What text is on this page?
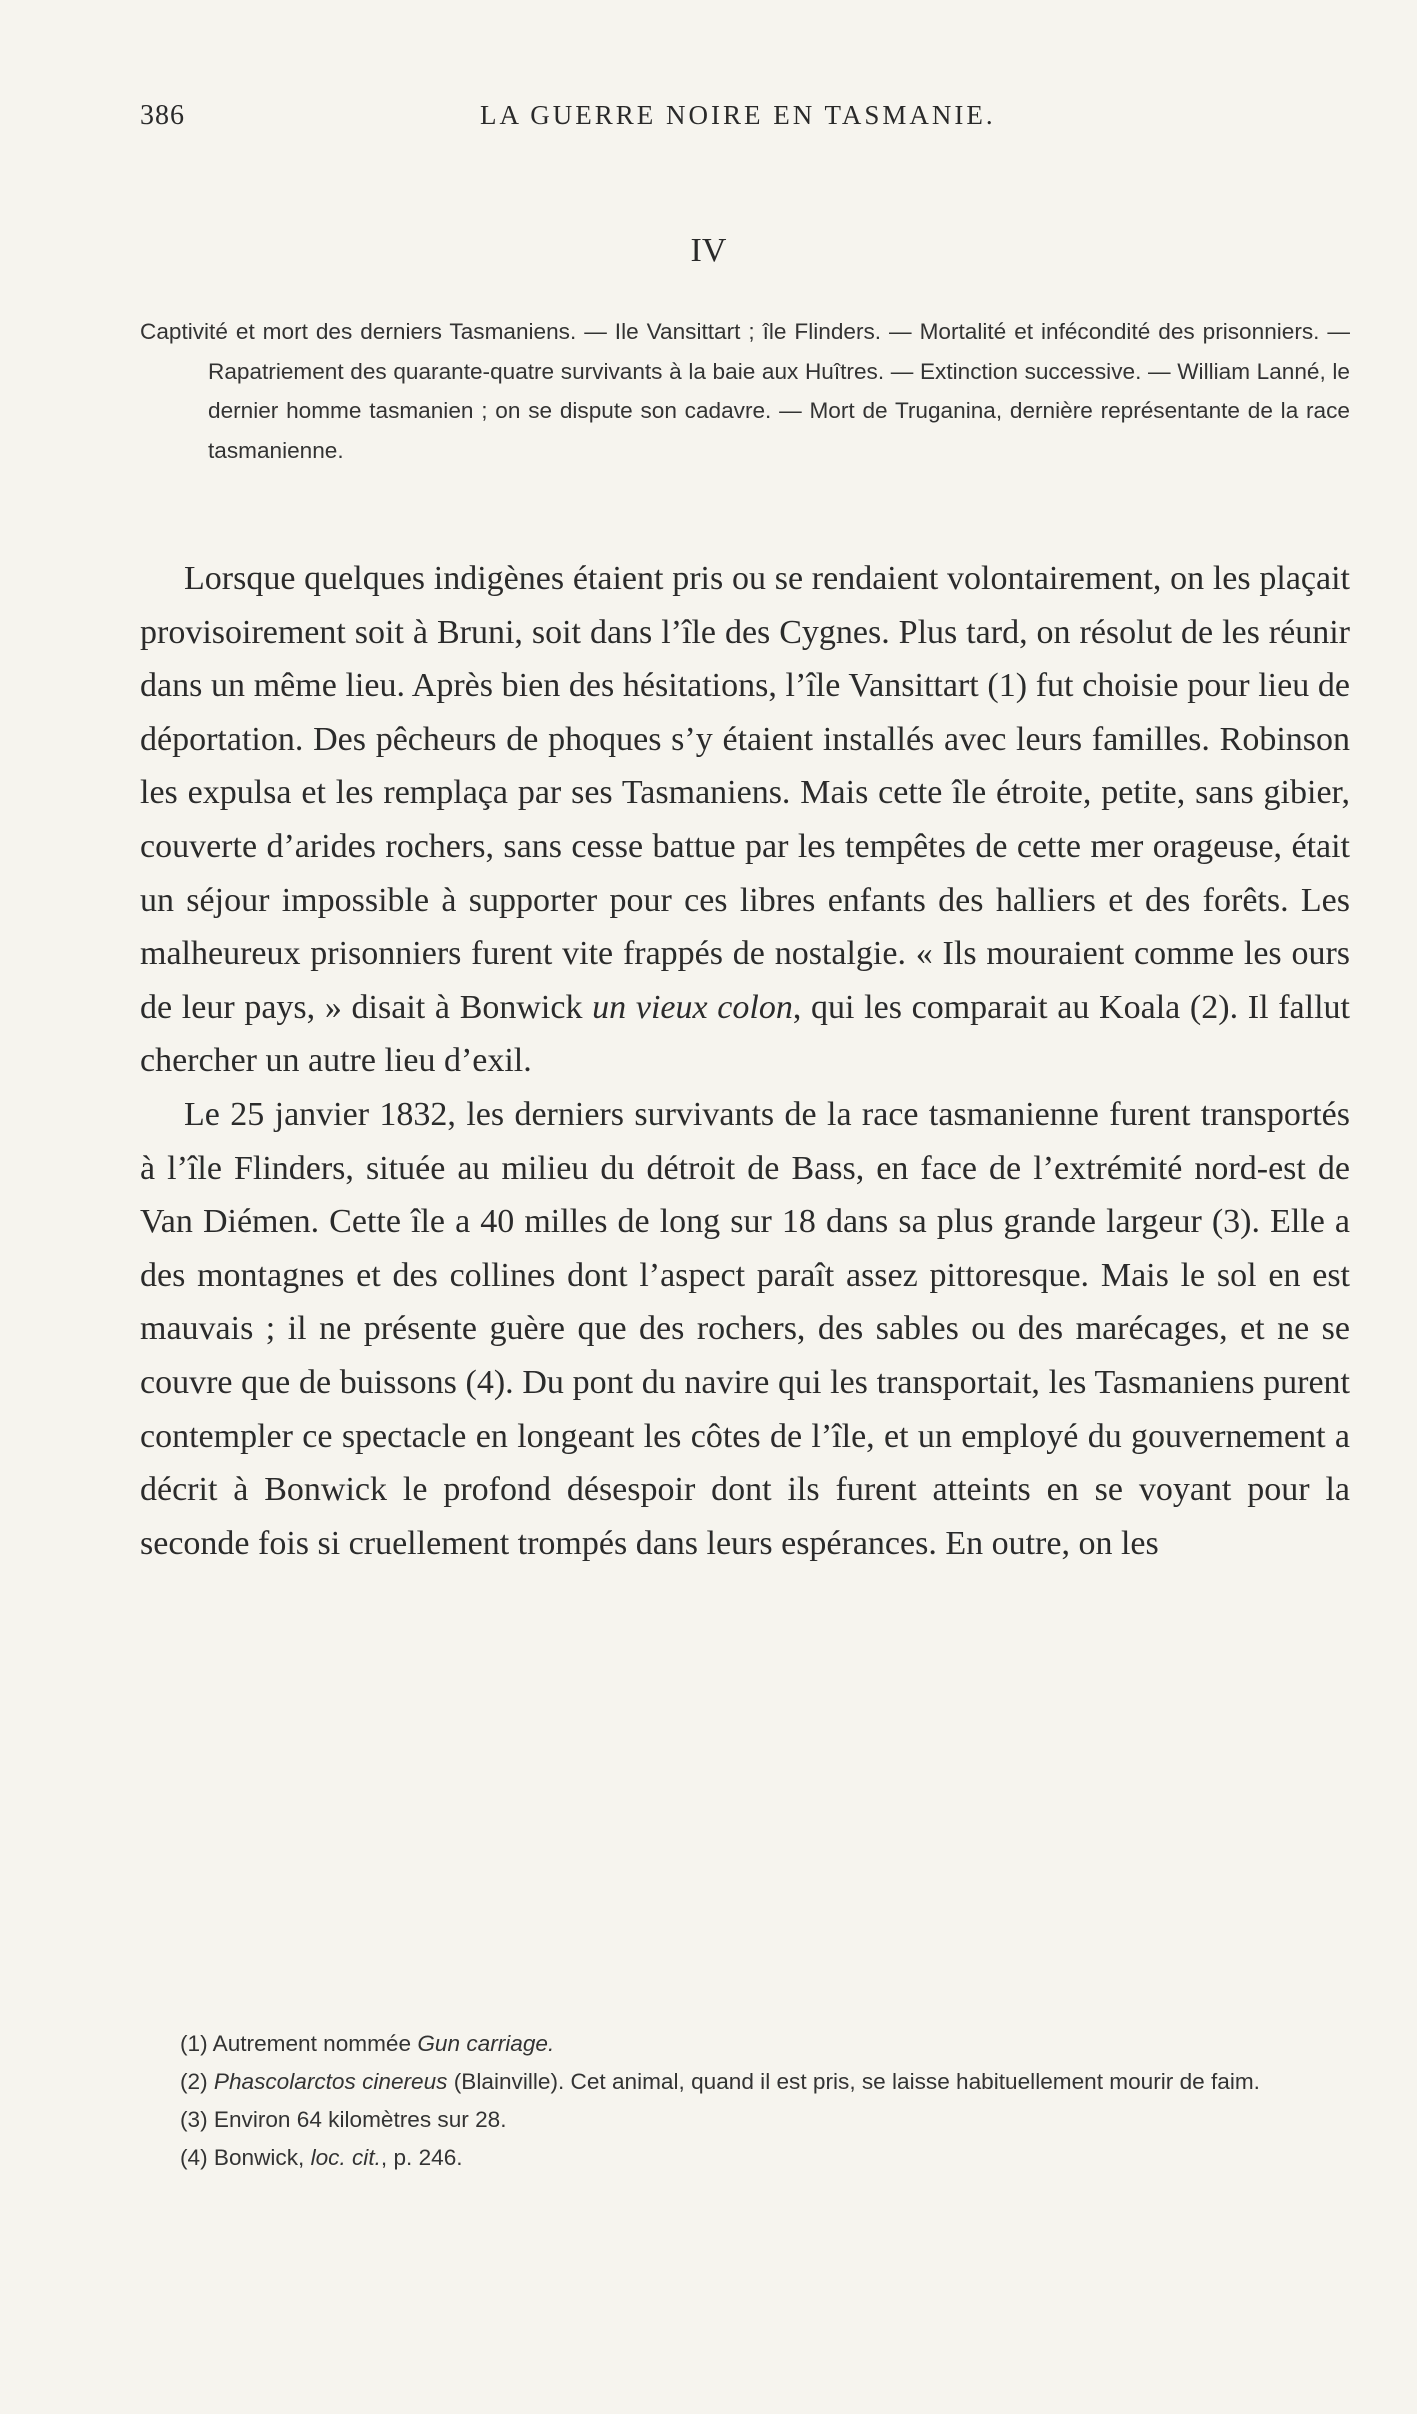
386	LA GUERRE NOIRE EN TASMANIE.
IV
Captivité et mort des derniers Tasmaniens. — Ile Vansittart ; île Flinders. — Mortalité et infécondité des prisonniers. — Rapatriement des quarante-quatre survivants à la baie aux Huîtres. — Extinction successive. — William Lanné, le dernier homme tasmanien ; on se dispute son cadavre. — Mort de Truganina, dernière représentante de la race tasmanienne.

Lorsque quelques indigènes étaient pris ou se rendaient volontairement, on les plaçait provisoirement soit à Bruni, soit dans l’île des Cygnes. Plus tard, on résolut de les réunir dans un même lieu. Après bien des hésitations, l’île Vansittart (1) fut choisie pour lieu de déportation. Des pêcheurs de phoques s’y étaient installés avec leurs familles. Robinson les expulsa et les remplaça par ses Tasmaniens. Mais cette île étroite, petite, sans gibier, couverte d’arides rochers, sans cesse battue par les tempêtes de cette mer orageuse, était un séjour impossible à supporter pour ces libres enfants des halliers et des forêts. Les malheureux prisonniers furent vite frappés de nostalgie. « Ils mouraient comme les ours de leur pays, » disait à Bonwick un vieux colon, qui les comparait au Koala (2). Il fallut chercher un autre lieu d’exil.

Le 25 janvier 1832, les derniers survivants de la race tasmanienne furent transportés à l’île Flinders, située au milieu du détroit de Bass, en face de l’extrémité nord-est de Van Diémen. Cette île a 40 milles de long sur 18 dans sa plus grande largeur (3). Elle a des montagnes et des collines dont l’aspect paraît assez pittoresque. Mais le sol en est mauvais ; il ne présente guère que des rochers, des sables ou des marécages, et ne se couvre que de buissons (4). Du pont du navire qui les transportait, les Tasmaniens purent contempler ce spectacle en longeant les côtes de l’île, et un employé du gouvernement a décrit à Bonwick le profond désespoir dont ils furent atteints en se voyant pour la seconde fois si cruellement trompés dans leurs espérances. En outre, on les

(1) Autrement nommée Gun carriage.

(2) Phascolarctos cinereus (Blainville). Cet animal, quand il est pris, se laisse habituellement mourir de faim.

(3) Environ 64 kilomètres sur 28.

(4) Bonwick, loc. cit., p. 246.
